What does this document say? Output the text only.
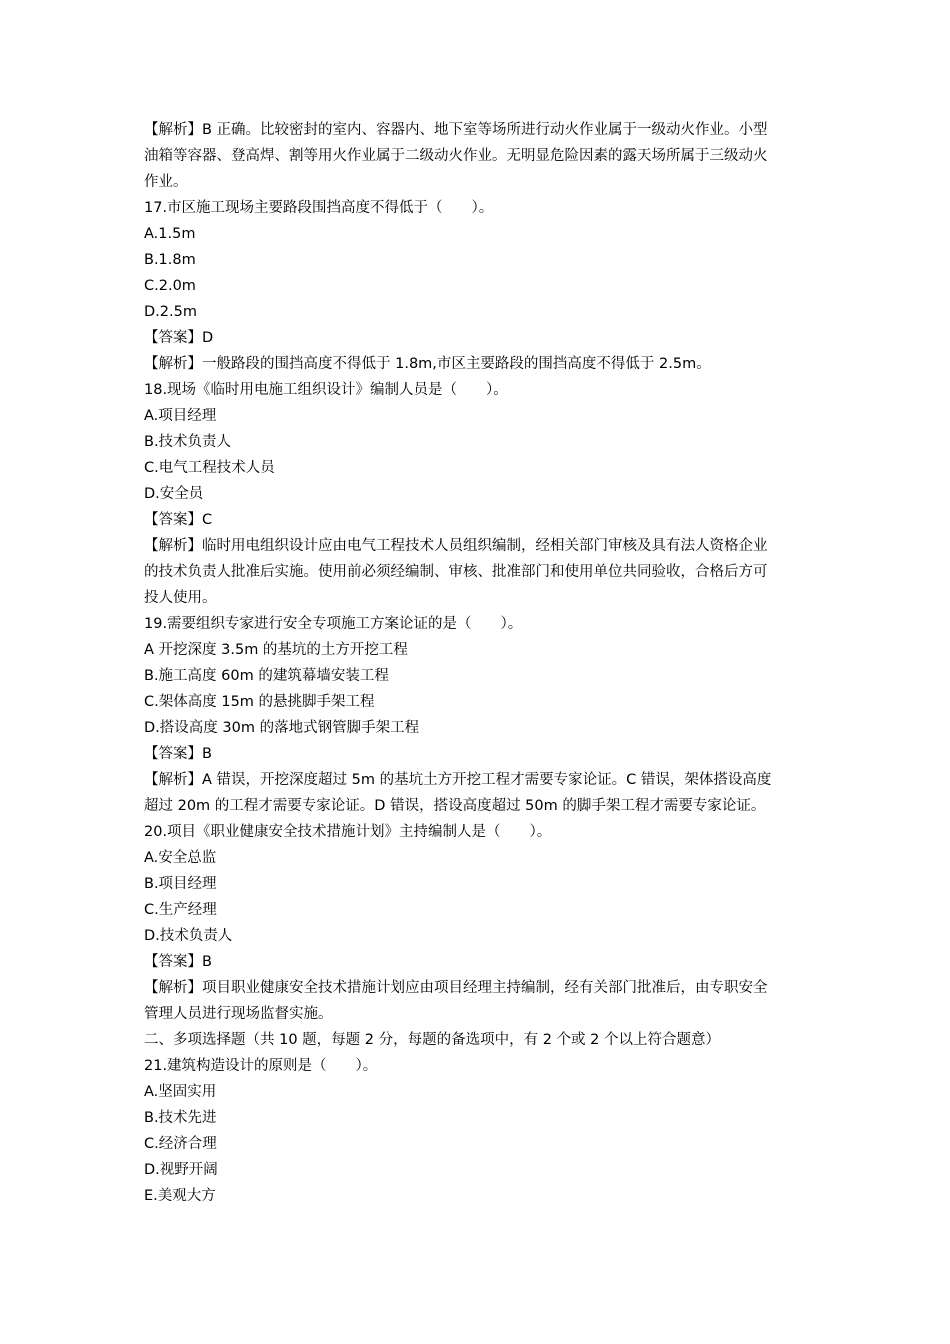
【解析】B 正确。比较密封的室内、容器内、地下室等场所进行动火作业属于一级动火作业。小型
油箱等容器、登高焊、割等用火作业属于二级动火作业。无明显危险因素的露天场所属于三级动火
作业。
17.市区施工现场主要路段围挡高度不得低于（　　）。
A.1.5m
B.1.8m
C.2.0m
D.2.5m
【答案】D
【解析】一般路段的围挡高度不得低于 1.8m,市区主要路段的围挡高度不得低于 2.5m。
18.现场《临时用电施工组织设计》编制人员是（　　）。
A.项目经理
B.技术负责人
C.电气工程技术人员
D.安全员
【答案】C
【解析】临时用电组织设计应由电气工程技术人员组织编制，经相关部门审核及具有法人资格企业
的技术负责人批准后实施。使用前必须经编制、审核、批准部门和使用单位共同验收，合格后方可
投人使用。
19.需要组织专家进行安全专项施工方案论证的是（　　）。
A 开挖深度 3.5m 的基坑的土方开挖工程
B.施工高度 60m 的建筑幕墙安装工程
C.架体高度 15m 的悬挑脚手架工程
D.搭设高度 30m 的落地式钢管脚手架工程
【答案】B
【解析】A 错误，开挖深度超过 5m 的基坑土方开挖工程才需要专家论证。C 错误，架体搭设高度
超过 20m 的工程才需要专家论证。D 错误，搭设高度超过 50m 的脚手架工程才需要专家论证。
20.项目《职业健康安全技术措施计划》主持编制人是（　　）。
A.安全总监
B.项目经理
C.生产经理
D.技术负责人
【答案】B
【解析】项目职业健康安全技术措施计划应由项目经理主持编制，经有关部门批准后，由专职安全
管理人员进行现场监督实施。
二、多项选择题（共 10 题，每题 2 分，每题的备选项中，有 2 个或 2 个以上符合题意）
21.建筑构造设计的原则是（　　）。
A.坚固实用
B.技术先进
C.经济合理
D.视野开阔
E.美观大方
